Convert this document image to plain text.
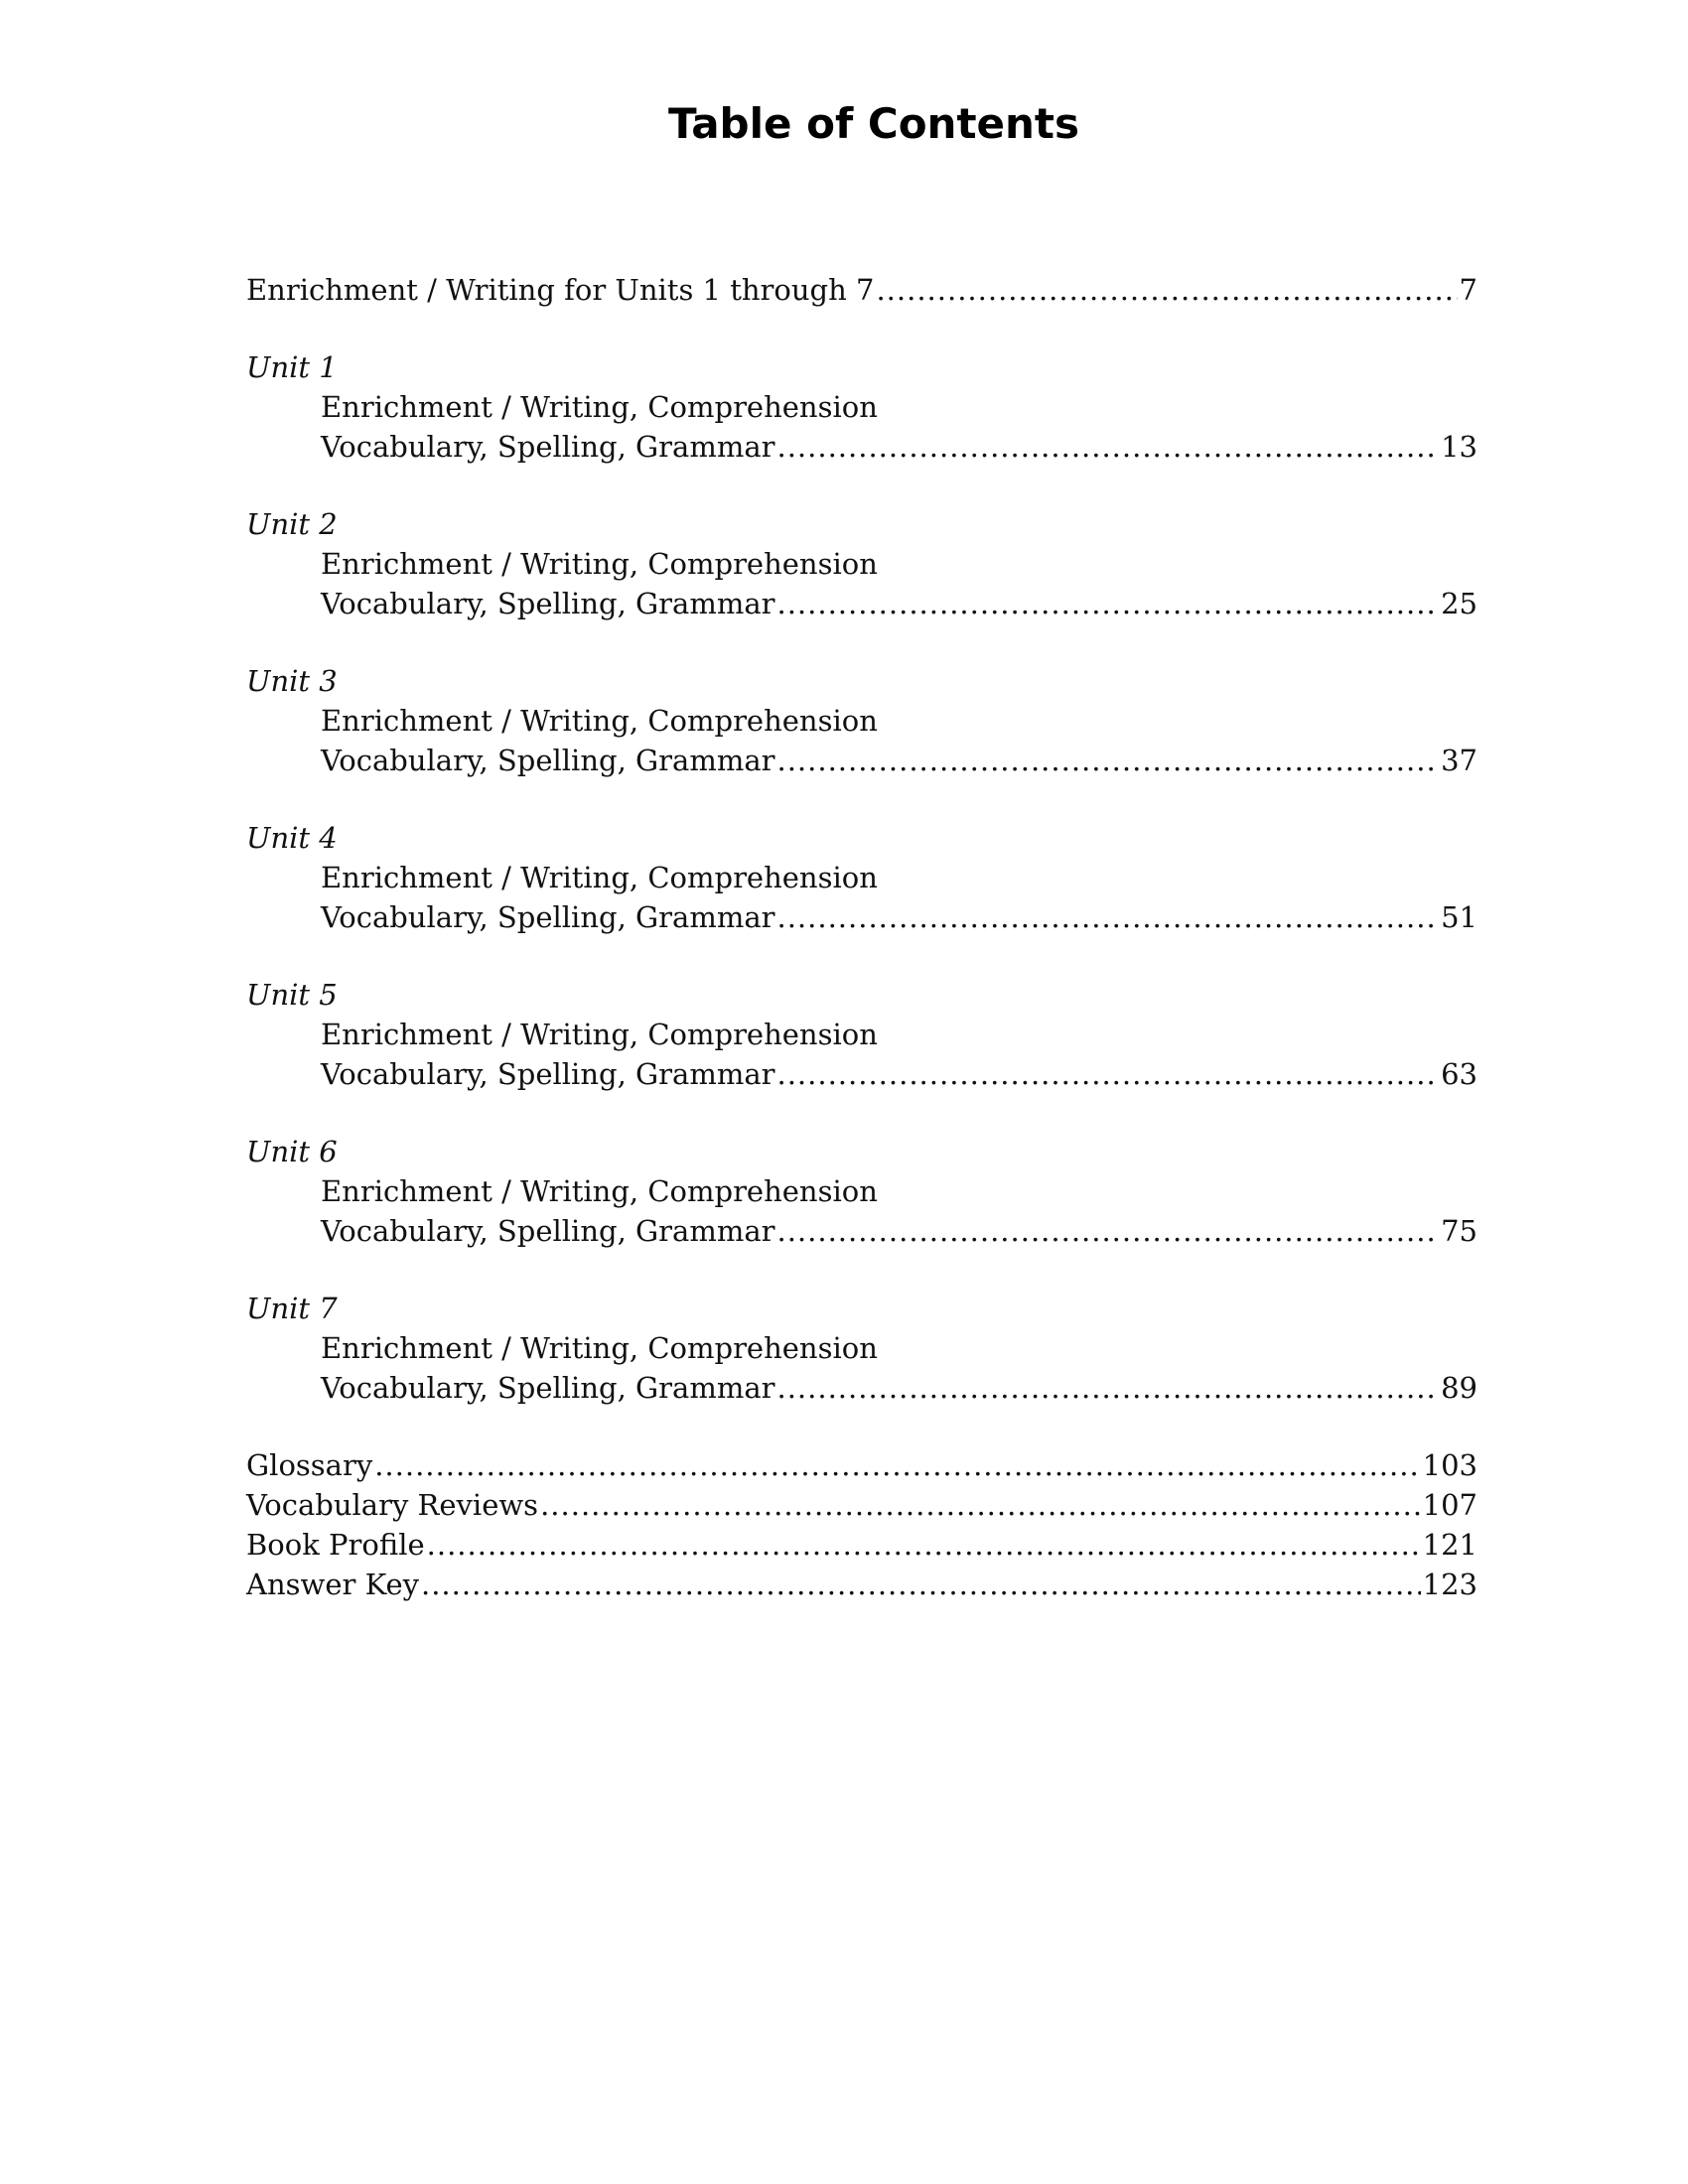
Table of Contents
Enrichment / Writing for Units 1 through 7 .....	7
Unit 1
Enrichment / Writing, Comprehension
Vocabulary, Spelling, Grammar .....	13
Unit 2
Enrichment / Writing, Comprehension
Vocabulary, Spelling, Grammar .....	25
Unit 3
Enrichment / Writing, Comprehension
Vocabulary, Spelling, Grammar .....	37
Unit 4
Enrichment / Writing, Comprehension
Vocabulary, Spelling, Grammar .....	51
Unit 5
Enrichment / Writing, Comprehension
Vocabulary, Spelling, Grammar .....	63
Unit 6
Enrichment / Writing, Comprehension
Vocabulary, Spelling, Grammar .....	75
Unit 7
Enrichment / Writing, Comprehension
Vocabulary, Spelling, Grammar .....	89
Glossary .....	103
Vocabulary Reviews .....	107
Book Profile .....	121
Answer Key .....	123
